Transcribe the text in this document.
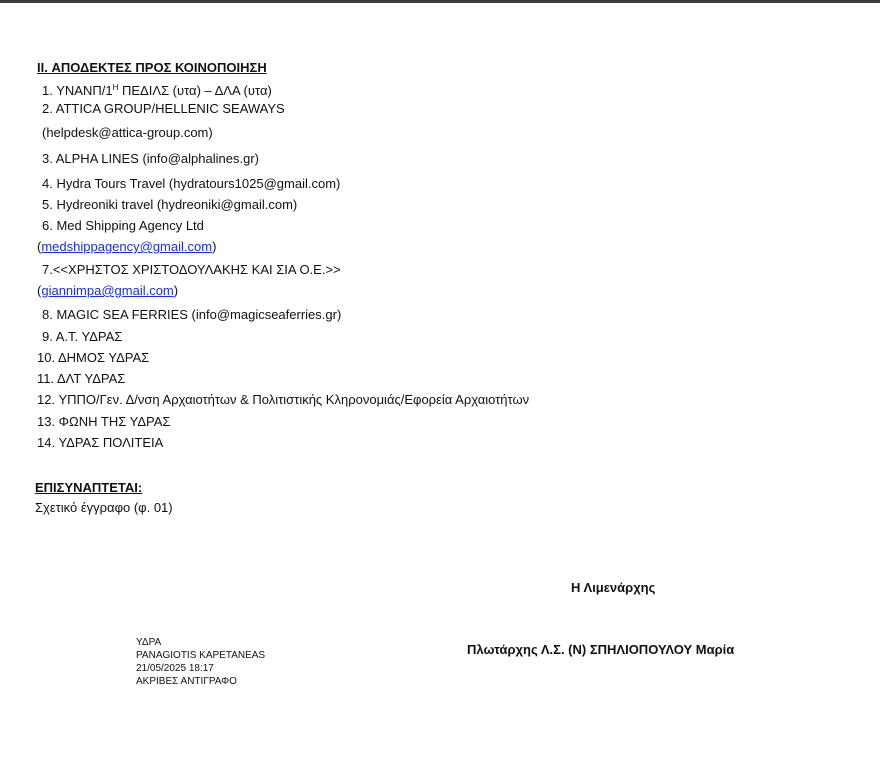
II. ΑΠΟΔΕΚΤΕΣ ΠΡΟΣ ΚΟΙΝΟΠΟΙΗΣΗ
1. ΥΝΑΝΠ/$1^H$ ΠΕΔΙΛΣ (υτα) – ΔΛΑ (υτα)
2. ATTICA GROUP/HELLENIC SEAWAYS
(helpdesk@attica-group.com)
3. ALPHA LINES (info@alphalines.gr)
4. Hydra Tours Travel (hydratours1025@gmail.com)
5. Hydreoniki travel (hydreoniki@gmail.com)
6. Med Shipping Agency Ltd
(medshippagency@gmail.com)
7.<<ΧΡΗΣΤΟΣ ΧΡΙΣΤΟΔΟΥΛΑΚΗΣ ΚΑΙ ΣΙΑ Ο.Ε.>>
(giannimpa@gmail.com)
8. MAGIC SEA FERRIES (info@magicseaferries.gr)
9. Α.Τ. ΥΔΡΑΣ
10. ΔΗΜΟΣ ΥΔΡΑΣ
11. ΔΛΤ ΥΔΡΑΣ
12. ΥΠΠΟ/Γεν. Δ/νση Αρχαιοτήτων & Πολιτιστικής Κληρονομιάς/Εφορεία Αρχαιοτήτων
13. ΦΩΝΗ ΤΗΣ ΥΔΡΑΣ
14. ΥΔΡΑΣ ΠΟΛΙΤΕΙΑ
ΕΠΙΣΥΝΑΠΤΕΤΑΙ:
Σχετικό έγγραφο (φ. 01)
Η Λιμενάρχης
Πλωτάρχης Λ.Σ. (Ν) ΣΠΗΛΙΟΠΟΥΛΟΥ Μαρία
ΥΔΡΑ
PANAGIOTIS KAPETANEAS
21/05/2025 18:17
ΑΚΡΙΒΕΣ ΑΝΤΙΓΡΑΦΟ
